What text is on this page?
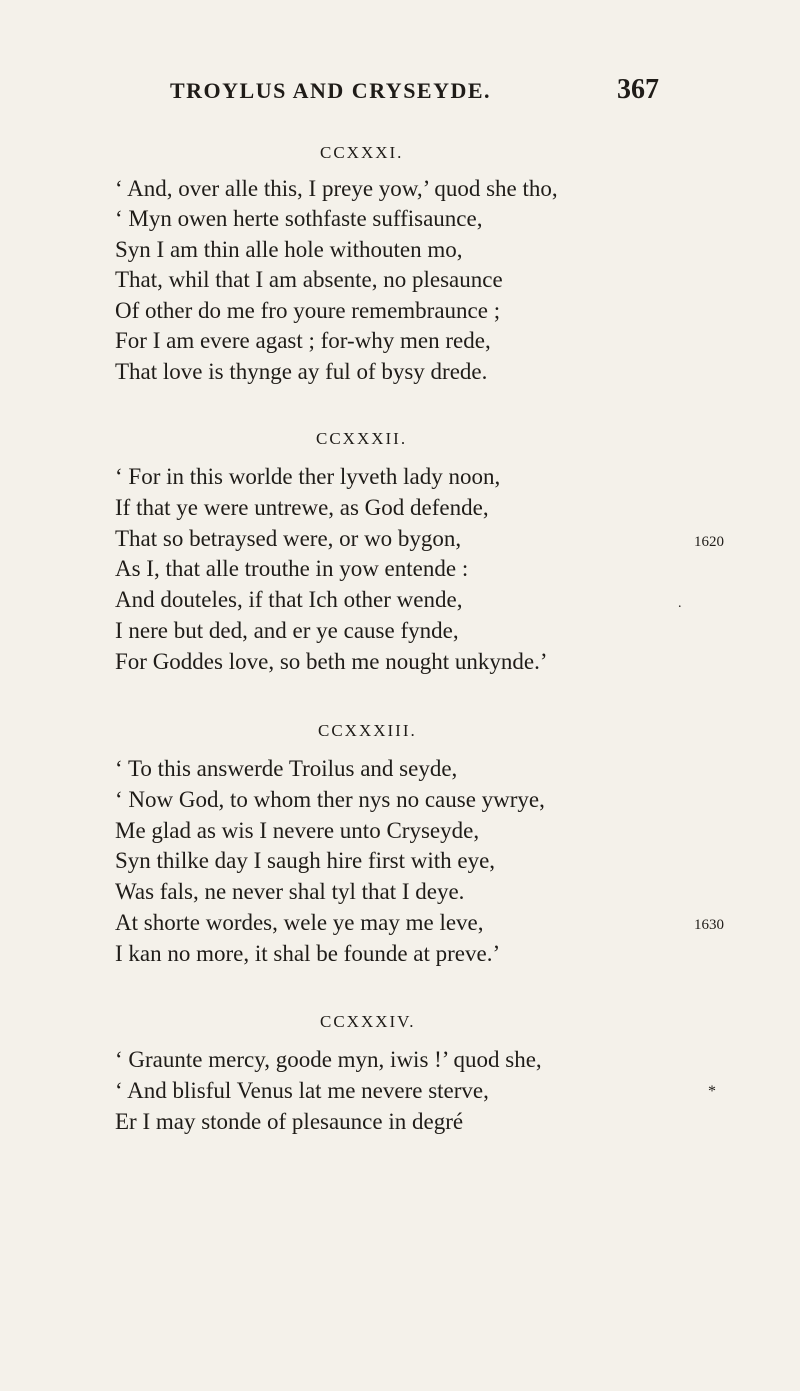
TROYLUS AND CRYSEYDE.	367
CCXXXI.
‘ And, over alle this, I preye yow,’ quod she tho,
‘ Myn owen herte sothfaste suffisaunce,
Syn I am thin alle hole withouten mo,
That, whil that I am absente, no plesaunce
Of other do me fro youre remembraunce ;
For I am evere agast ; for-why men rede,
That love is thynge ay ful of bysy drede.
CCXXXII.
‘ For in this worlde ther lyveth lady noon,
If that ye were untrewe, as God defende,
That so betraysed were, or wo bygon,	1620
As I, that alle trouthe in yow entende :
And douteles, if that Ich other wende,
I nere but ded, and er ye cause fynde,
For Goddes love, so beth me nought unkynde.’
.
CCXXXIII.
‘ To this answerde Troilus and seyde,
‘ Now God, to whom ther nys no cause ywrye,
Me glad as wis I nevere unto Cryseyde,
Syn thilke day I saugh hire first with eye,
Was fals, ne never shal tyl that I deye.
At shorte wordes, wele ye may me leve,	1630
I kan no more, it shal be founde at preve.’
CCXXXIV.
‘ Graunte mercy, goode myn, iwis !’ quod she,
‘ And blisful Venus lat me nevere sterve,
Er I may stonde of plesaunce in degré
*
